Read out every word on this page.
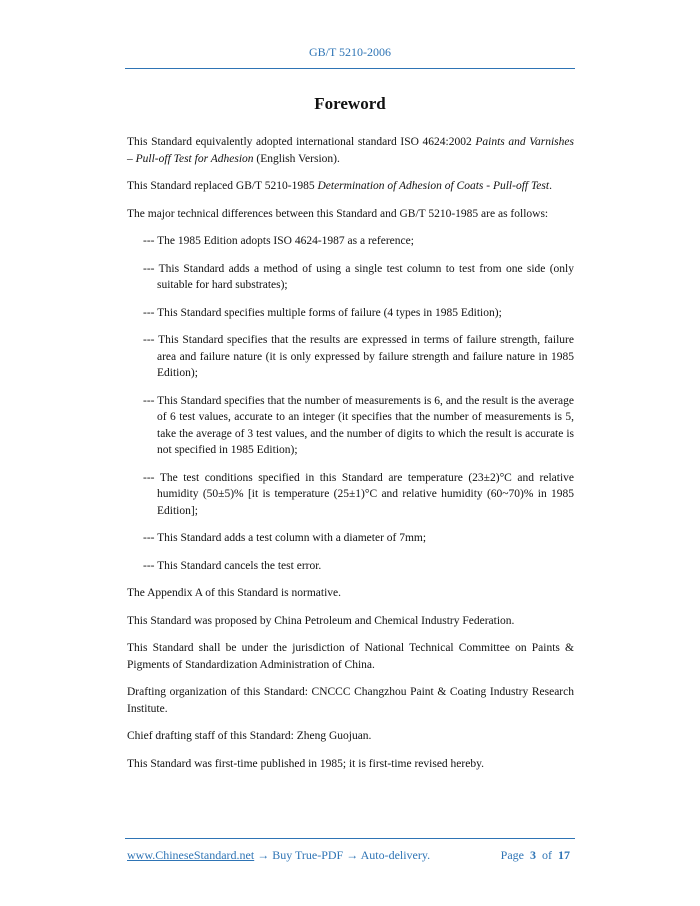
GB/T 5210-2006
Foreword

This Standard equivalently adopted international standard ISO 4624:2002 Paints and Varnishes – Pull-off Test for Adhesion (English Version).

This Standard replaced GB/T 5210-1985 Determination of Adhesion of Coats - Pull-off Test.

The major technical differences between this Standard and GB/T 5210-1985 are as follows:

--- The 1985 Edition adopts ISO 4624-1987 as a reference;

--- This Standard adds a method of using a single test column to test from one side (only suitable for hard substrates);

--- This Standard specifies multiple forms of failure (4 types in 1985 Edition);

--- This Standard specifies that the results are expressed in terms of failure strength, failure area and failure nature (it is only expressed by failure strength and failure nature in 1985 Edition);

--- This Standard specifies that the number of measurements is 6, and the result is the average of 6 test values, accurate to an integer (it specifies that the number of measurements is 5, take the average of 3 test values, and the number of digits to which the result is accurate is not specified in 1985 Edition);

--- The test conditions specified in this Standard are temperature (23±2)°C and relative humidity (50±5)% [it is temperature (25±1)°C and relative humidity (60~70)% in 1985 Edition];

--- This Standard adds a test column with a diameter of 7mm;

--- This Standard cancels the test error.

The Appendix A of this Standard is normative.

This Standard was proposed by China Petroleum and Chemical Industry Federation.

This Standard shall be under the jurisdiction of National Technical Committee on Paints & Pigments of Standardization Administration of China.

Drafting organization of this Standard: CNCCC Changzhou Paint & Coating Industry Research Institute.

Chief drafting staff of this Standard: Zheng Guojuan.

This Standard was first-time published in 1985; it is first-time revised hereby.

www.ChineseStandard.net → Buy True-PDF → Auto-delivery.	Page 3 of 17
